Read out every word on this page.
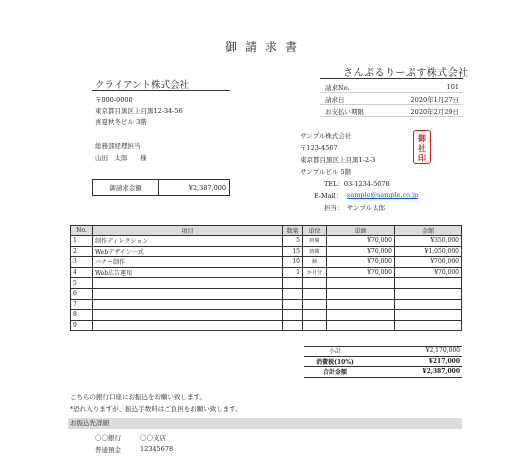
御請求書
クライアント株式会社
〒000-0000
東京都目黒区上目黒12-34-56
喜夏秋冬ビル 3階
総務部経理担当
山田　太郎 様
御請求金額	¥2,387,000
さんぷるりーぷす株式会社
請求No.	101
請求日	2020年1月27日
お支払い期限	2020年2月29日
サンプル株式会社
〒123-4567
東京都目黒区上目黒1-2-3
サンプルビル 5階
TEL：03-1234-5678
E-Mail： sample@sample.co.jp
担当：　サンプル太郎
御
社
印
No.	項目	数量	単位	単価	金額
1	制作ディレクション	5	時間	¥70,000	¥350,000
2	Webデザイン一式	15	時間	¥70,000	¥1,050,000
3	バナー制作	10	個	¥70,000	¥700,000
4	Web広告運用	1	か月分	¥70,000	¥70,000
5					
6					
7					
8					
9					
小計	¥2,170,000
消費税(10%)	¥217,000
合計金額	¥2,387,000
こちらの銀行口座にお振込をお願い致します。
*恐れ入りますが、振込手数料はご負担をお願い致します。
お振込先詳細
〇〇銀行	〇〇支店
普通預金	12345678
